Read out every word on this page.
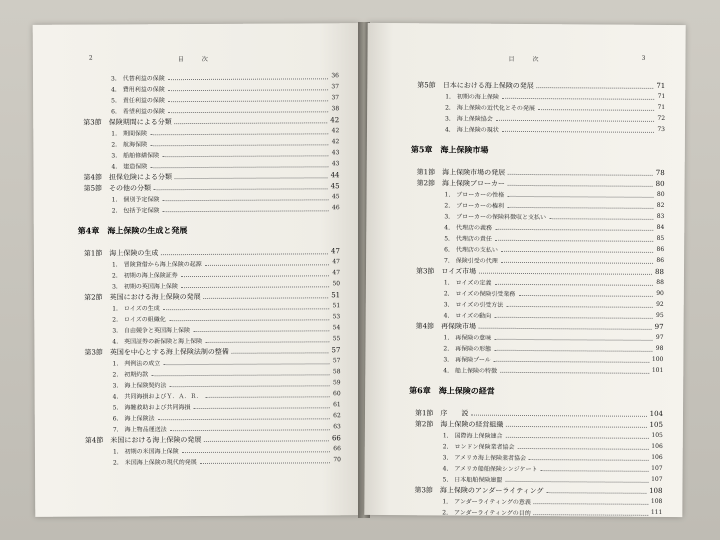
2	目　次
3.　代替利益の保険	36
4.　費用利益の保険	37
5.　責任利益の保険	37
6.　希望利益の保険	38
第3節　保険期間による分類	42
1.　期間保険	42
2.　航海保険	42
3.　船舶修繕保険	43
4.　建造保険	43
第4節　担保危険による分類	44
第5節　その他の分類	45
1.　個別予定保険	45
2.　包括予定保険	46
第4章　海上保険の生成と発展
第1節　海上保険の生成	47
1.　冒険貸借から海上保険の起源	47
2.　初期の海上保険証券	47
3.　初期の英国海上保険	50
第2節　英国における海上保険の発展	51
1.　ロイズの生成	51
2.　ロイズの組織化	53
3.　自由競争と英国海上保険	54
4.　英国証券の新保険と海上保険	55
第3節　英国を中心とする海上保険法制の整備	57
1.　判例法の成立	57
2.　初期約款	58
3.　海上保険契約法	59
4.　共同海損およびＹ．Ａ．Ｒ．	60
5.　海難救助および共同海損	61
6.　海上保険法	62
7.　海上物品運送法	63
第4節　米国における海上保険の発展	66
1.　初期の米国海上保険	66
2.　米国海上保険の現代的発展	70
目　次	3
第5節　日本における海上保険の発展	71
1.　初期の海上保険	71
2.　海上保険の近代化とその発展	71
3.　海上保険協会	72
4.　海上保険の現状	73
第5章　海上保険市場
第1節　海上保険市場の発展	78
第2節　海上保険ブローカー	80
1.　ブローカーの性格	80
2.　ブローカーの権利	82
3.　ブローカーの保険料徴収と支払い	83
4.　代理店の義務	84
5.　代理店の責任	85
6.　代理店の支払い	86
7.　保険引受の代理	86
第3節　ロイズ市場	88
1.　ロイズの定義	88
2.　ロイズの保険引受業務	90
3.　ロイズの引受方法	92
4.　ロイズの動向	95
第4節　再保険市場	97
1.　再保険の意味	97
2.　再保険の形態	98
3.　再保険プール	100
4.　船上保険の特徴	101
第6章　海上保険の経営
第1節　序　　説	104
第2節　海上保険の経営組織	105
1.　国際海上保険連合	105
2.　ロンドン保険業者協会	106
3.　アメリカ海上保険業者協会	106
4.　アメリカ船舶保険シンジケート	107
5.　日本船舶保険連盟	107
第3節　海上保険のアンダーライティング	108
1.　アンダーライティングの意義	108
2.　アンダーライティングの目的	111
